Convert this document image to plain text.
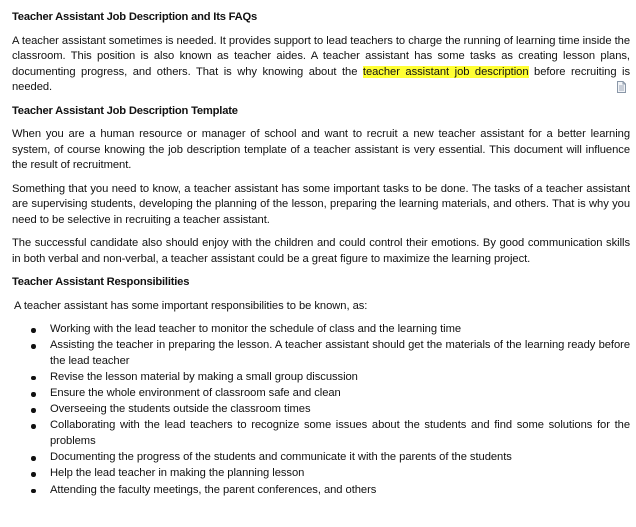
Teacher Assistant Job Description and Its FAQs

A teacher assistant sometimes is needed. It provides support to lead teachers to charge the running of learning time inside the classroom. This position is also known as teacher aides. A teacher assistant has some tasks as creating lesson plans, documenting progress, and others. That is why knowing about the teacher assistant job description before recruiting is needed.

Teacher Assistant Job Description Template

When you are a human resource or manager of school and want to recruit a new teacher assistant for a better learning system, of course knowing the job description template of a teacher assistant is very essential. This document will influence the result of recruitment.

Something that you need to know, a teacher assistant has some important tasks to be done. The tasks of a teacher assistant are supervising students, developing the planning of the lesson, preparing the learning materials, and others. That is why you need to be selective in recruiting a teacher assistant.

The successful candidate also should enjoy with the children and could control their emotions. By good communication skills in both verbal and non-verbal, a teacher assistant could be a great figure to maximize the learning project.

Teacher Assistant Responsibilities

A teacher assistant has some important responsibilities to be known, as:

Working with the lead teacher to monitor the schedule of class and the learning time
Assisting the teacher in preparing the lesson. A teacher assistant should get the materials of the learning ready before the lead teacher
Revise the lesson material by making a small group discussion
Ensure the whole environment of classroom safe and clean
Overseeing the students outside the classroom times
Collaborating with the lead teachers to recognize some issues about the students and find some solutions for the problems
Documenting the progress of the students and communicate it with the parents of the students
Help the lead teacher in making the planning lesson
Attending the faculty meetings, the parent conferences, and others
